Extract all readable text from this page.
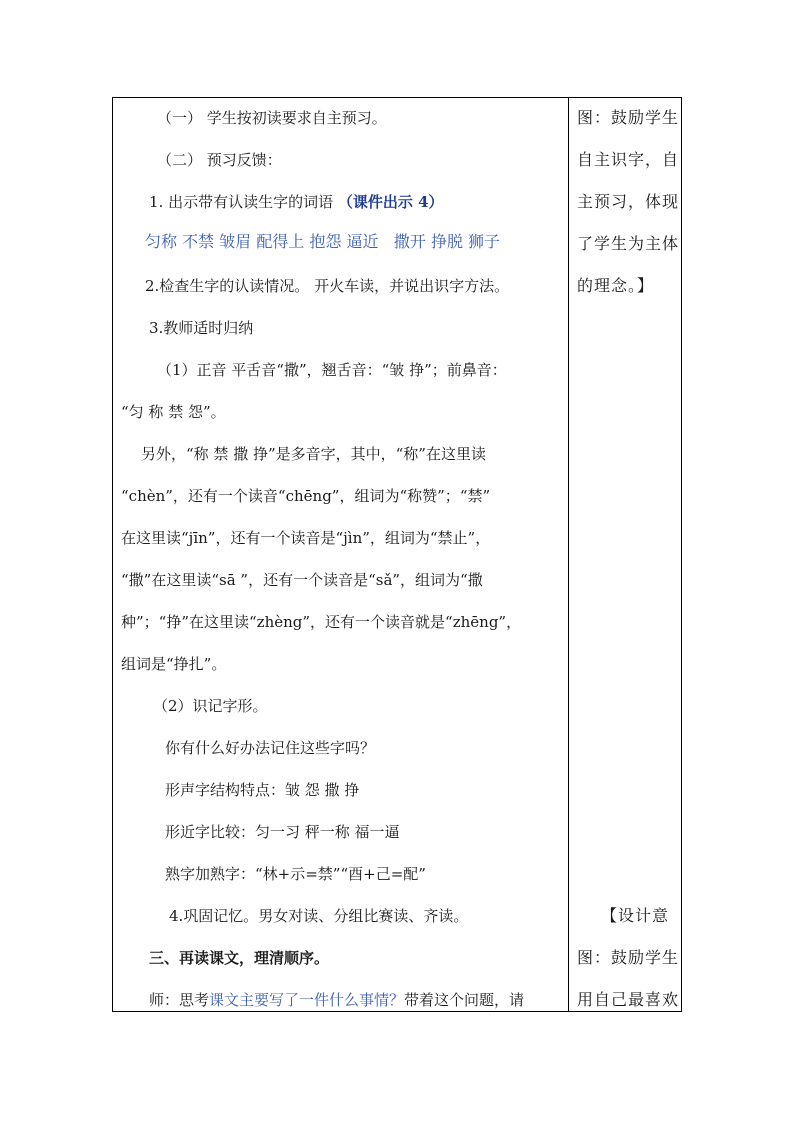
（一） 学生按初读要求自主预习。
（二） 预习反馈：
1. 出示带有认读生字的词语 （课件出示 4）
匀称 不禁 皱眉 配得上 抱怨 逼近 撒开 挣脱 狮子
2.检查生字的认读情况。 开火车读，并说出识字方法。
3.教师适时归纳
（1）正音 平舌音“撒”，翘舌音：“皱 挣”；前鼻音：
“匀 称 禁 怨”。
另外，“称 禁 撒 挣”是多音字，其中，“称”在这里读
“chèn”，还有一个读音“chēng”，组词为“称赞”；“禁”
在这里读“jīn”，还有一个读音是“jìn”，组词为“禁止”，
“撒”在这里读“sā ”，还有一个读音是“sǎ”，组词为“撒
种”；“挣”在这里读“zhèng”，还有一个读音就是“zhēng”，
组词是“挣扎”。
（2）识记字形。
你有什么好办法记住这些字吗？
形声字结构特点：皱 怨 撒 挣
形近字比较：匀一习 秤一称 福一逼
熟字加熟字：“林+示=禁”“酉+己=配”
4.巩固记忆。男女对读、分组比赛读、齐读。
三、再读课文，理清顺序。
师：思考课文主要写了一件什么事情？带着这个问题，请
图：鼓励学生
自主识字，自
主预习，体现
了学生为主体
的理念。】
【设计意
图：鼓励学生
用自己最喜欢
